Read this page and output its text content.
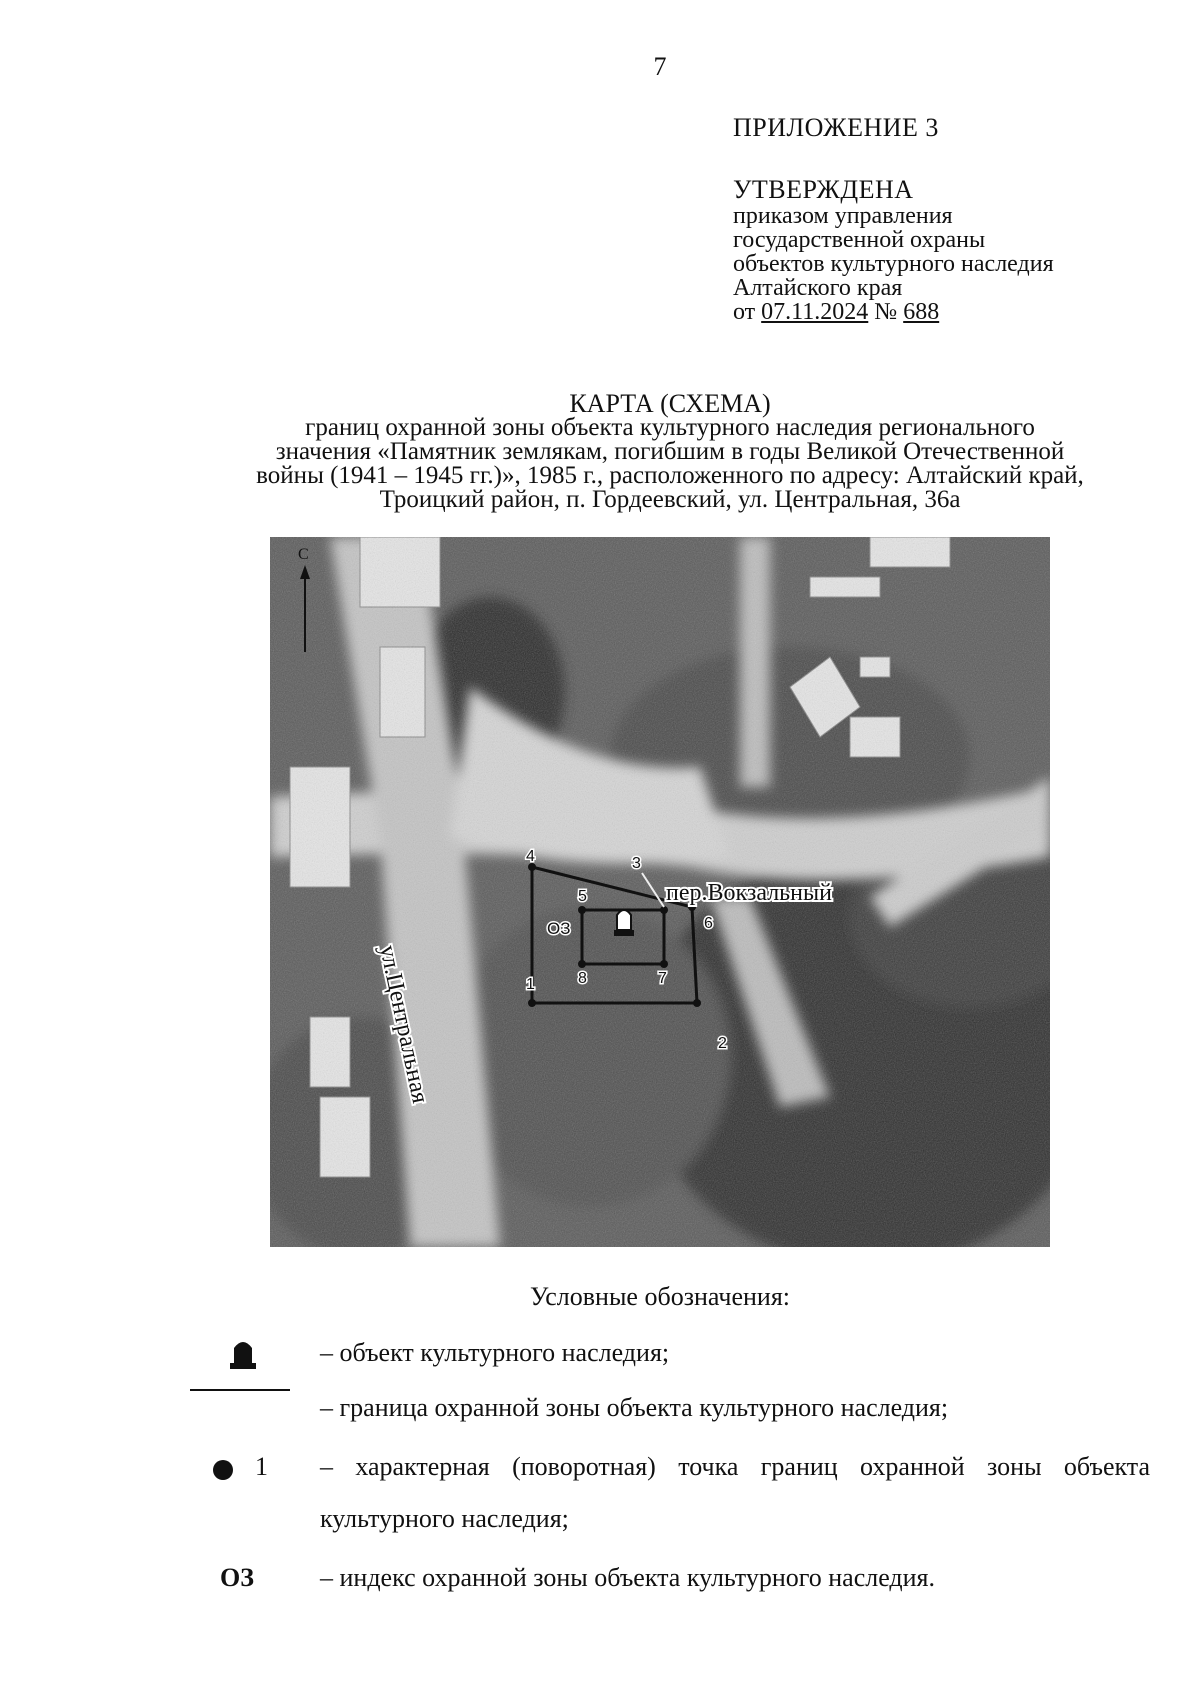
7
ПРИЛОЖЕНИЕ 3
УТВЕРЖДЕНА
приказом управления
государственной охраны
объектов культурного наследия
Алтайского края
от 07.11.2024 № 688
КАРТА (СХЕМА)
границ охранной зоны объекта культурного наследия регионального
значения «Памятник землякам, погибшим в годы Великой Отечественной
войны (1941 – 1945 гг.)», 1985 г., расположенного по адресу: Алтайский край,
Троицкий район, п. Гордеевский, ул. Центральная, 36а
С
1
2
3
4
5
6
7
8
ОЗ
пер.Вокзальный
ул.Центральная
Условные обозначения:
– объект культурного наследия;
– граница охранной зоны объекта культурного наследия;
1 – характерная (поворотная) точка границ охранной зоны объекта
культурного наследия;
ОЗ	– индекс охранной зоны объекта культурного наследия.
